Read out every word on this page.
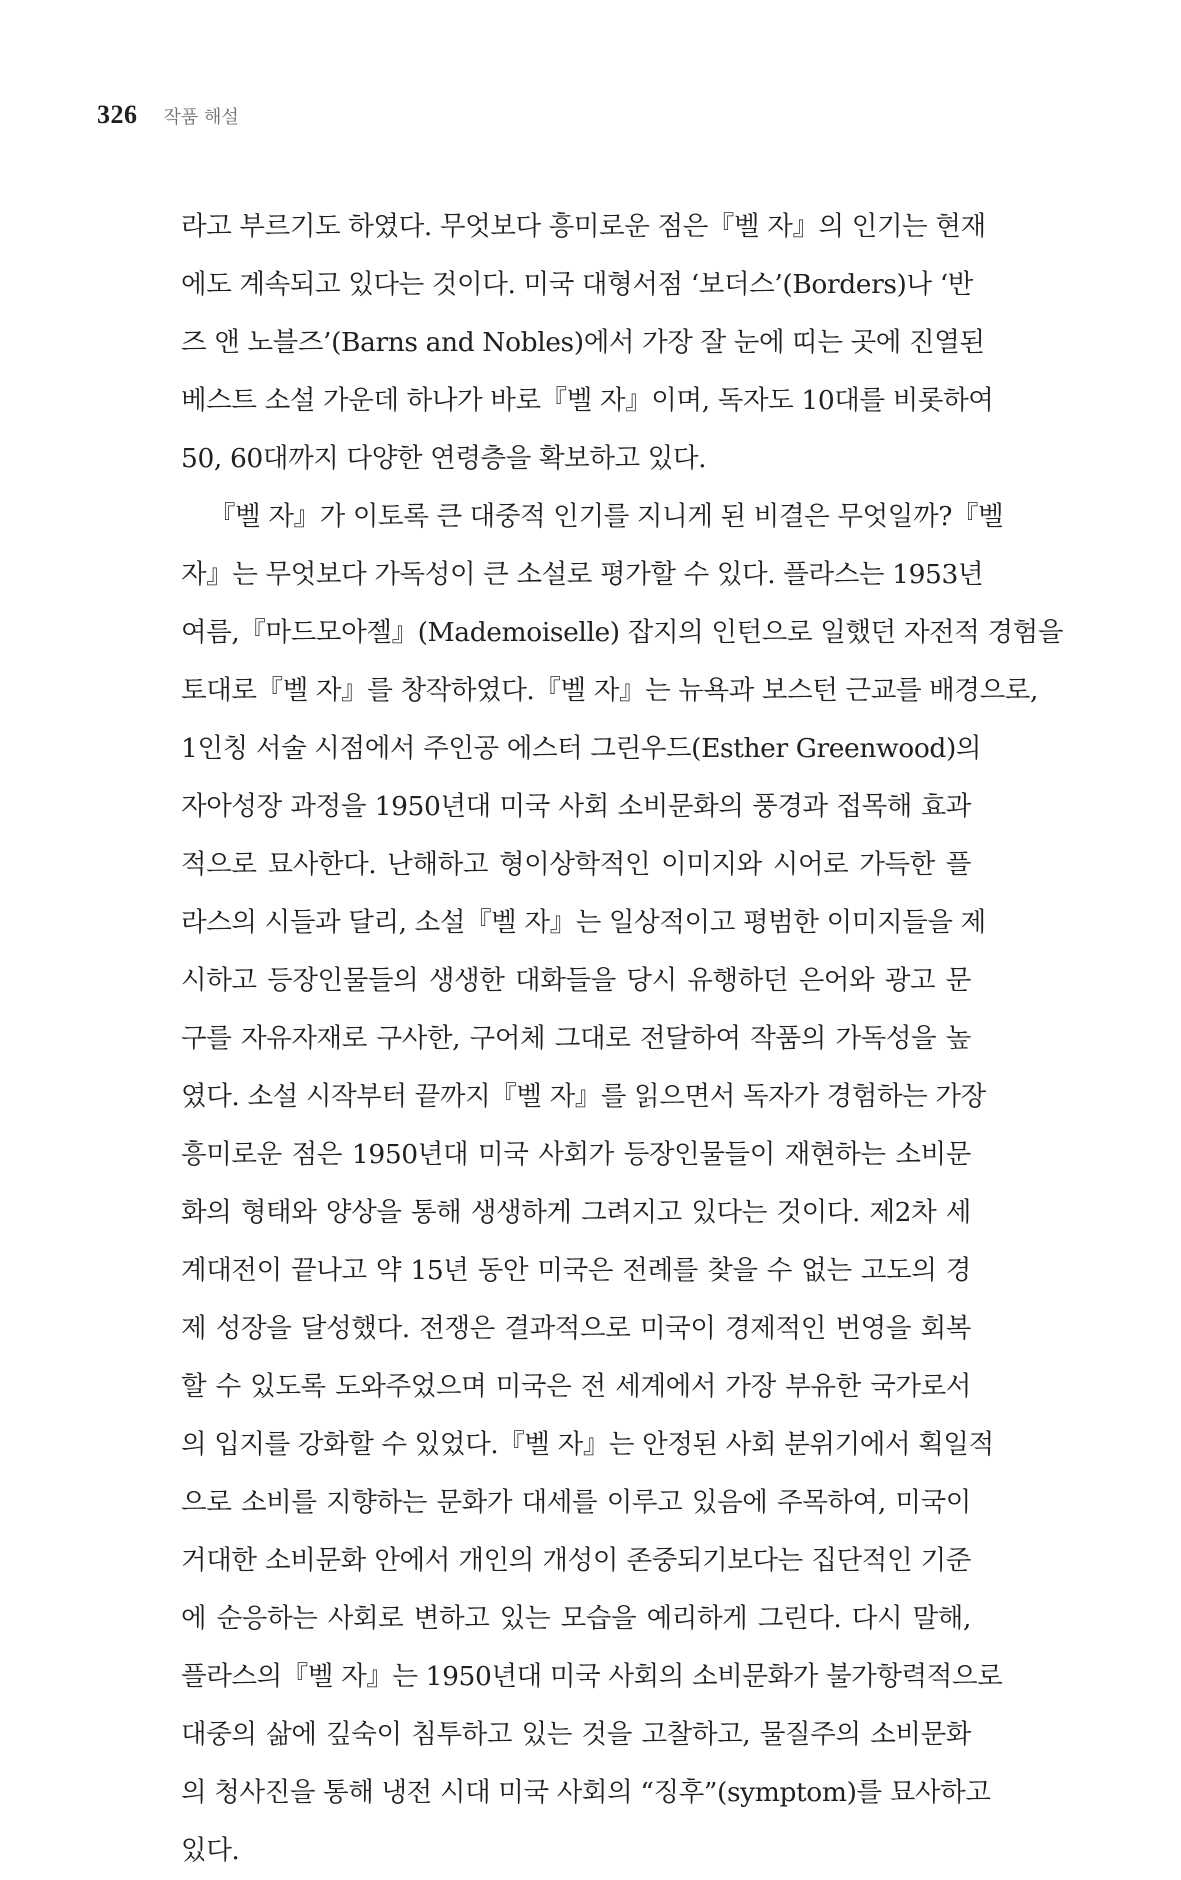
326 작품 해설
라고 부르기도 하였다. 무엇보다 흥미로운 점은『벨 자』의 인기는 현재
에도 계속되고 있다는 것이다. 미국 대형서점 ‘보더스’(Borders)나 ‘반
즈 앤 노블즈’(Barns and Nobles)에서 가장 잘 눈에 띠는 곳에 진열된
베스트 소설 가운데 하나가 바로『벨 자』이며, 독자도 10대를 비롯하여
50, 60대까지 다양한 연령층을 확보하고 있다.
『벨 자』가 이토록 큰 대중적 인기를 지니게 된 비결은 무엇일까?『벨
자』는 무엇보다 가독성이 큰 소설로 평가할 수 있다. 플라스는 1953년
여름,『마드모아젤』(Mademoiselle) 잡지의 인턴으로 일했던 자전적 경험을
토대로『벨 자』를 창작하였다.『벨 자』는 뉴욕과 보스턴 근교를 배경으로,
1인칭 서술 시점에서 주인공 에스터 그린우드(Esther Greenwood)의
자아성장 과정을 1950년대 미국 사회 소비문화의 풍경과 접목해 효과
적으로 묘사한다. 난해하고 형이상학적인 이미지와 시어로 가득한 플
라스의 시들과 달리, 소설『벨 자』는 일상적이고 평범한 이미지들을 제
시하고 등장인물들의 생생한 대화들을 당시 유행하던 은어와 광고 문
구를 자유자재로 구사한, 구어체 그대로 전달하여 작품의 가독성을 높
였다. 소설 시작부터 끝까지『벨 자』를 읽으면서 독자가 경험하는 가장
흥미로운 점은 1950년대 미국 사회가 등장인물들이 재현하는 소비문
화의 형태와 양상을 통해 생생하게 그려지고 있다는 것이다. 제2차 세
계대전이 끝나고 약 15년 동안 미국은 전례를 찾을 수 없는 고도의 경
제 성장을 달성했다. 전쟁은 결과적으로 미국이 경제적인 번영을 회복
할 수 있도록 도와주었으며 미국은 전 세계에서 가장 부유한 국가로서
의 입지를 강화할 수 있었다.『벨 자』는 안정된 사회 분위기에서 획일적
으로 소비를 지향하는 문화가 대세를 이루고 있음에 주목하여, 미국이
거대한 소비문화 안에서 개인의 개성이 존중되기보다는 집단적인 기준
에 순응하는 사회로 변하고 있는 모습을 예리하게 그린다. 다시 말해,
플라스의『벨 자』는 1950년대 미국 사회의 소비문화가 불가항력적으로
대중의 삶에 깊숙이 침투하고 있는 것을 고찰하고, 물질주의 소비문화
의 청사진을 통해 냉전 시대 미국 사회의 “징후”(symptom)를 묘사하고
있다.
